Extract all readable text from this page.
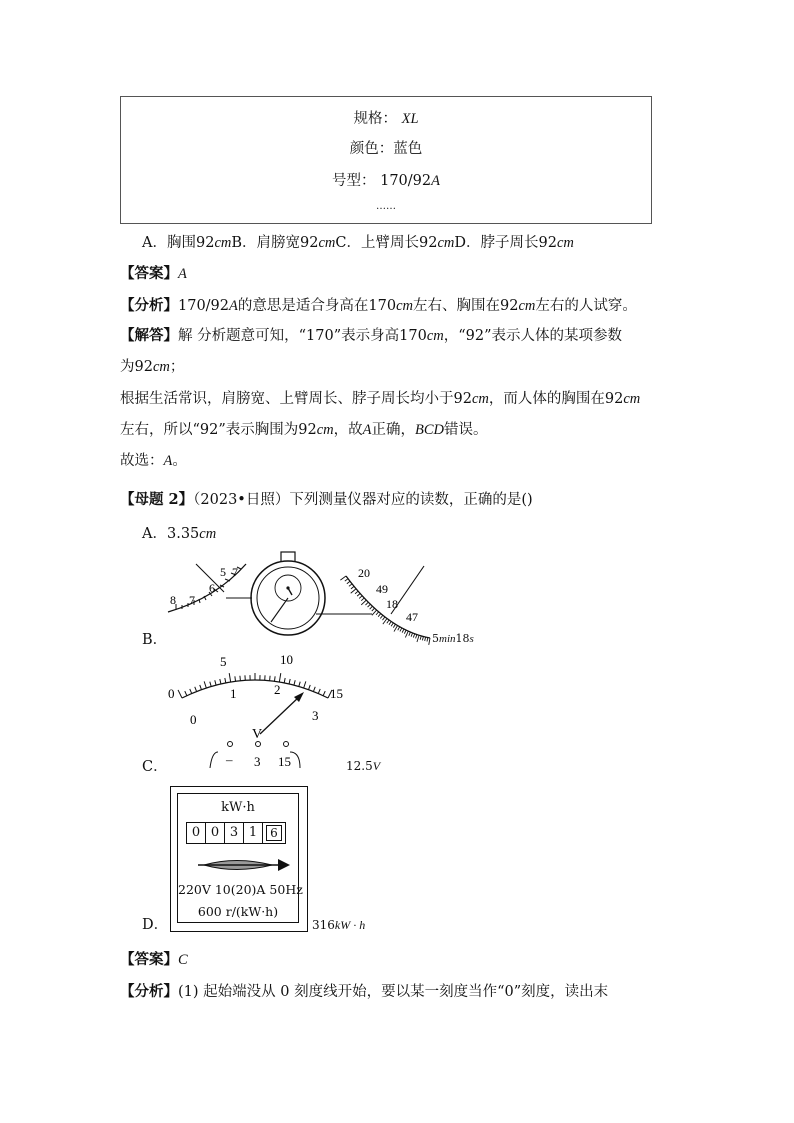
规格： XL
颜色：蓝色
号型： 170/92A
……
A．胸围92cmB．肩膀宽92cmC．上臂周长92cmD．脖子周长92cm
【答案】A
【分析】170/92A的意思是适合身高在170cm左右、胸围在92cm左右的人试穿。
【解答】解 分析题意可知，“170”表示身高170cm，“92”表示人体的某项参数
为92cm；
根据生活常识，肩膀宽、上臂周长、脖子周长均小于92cm，而人体的胸围在92cm
左右，所以“92”表示胸围为92cm，故A正确，BCD错误。
故选：A。
【母题 2】（2023•日照）下列测量仪器对应的读数，正确的是()
A．3.35cm
8 7
6
5 7	20
49
18
47
B．	5min18s
0
5	10
15
0
1	2
3
V
– 3 15
C．	12.5V
kW·h
0 0 3 1	6
220V 10(20)A 50Hz
600 r/(kW·h)
D．	316kW · h
【答案】C
【分析】(1) 起始端没从 0 刻度线开始，要以某一刻度当作“0”刻度，读出末
